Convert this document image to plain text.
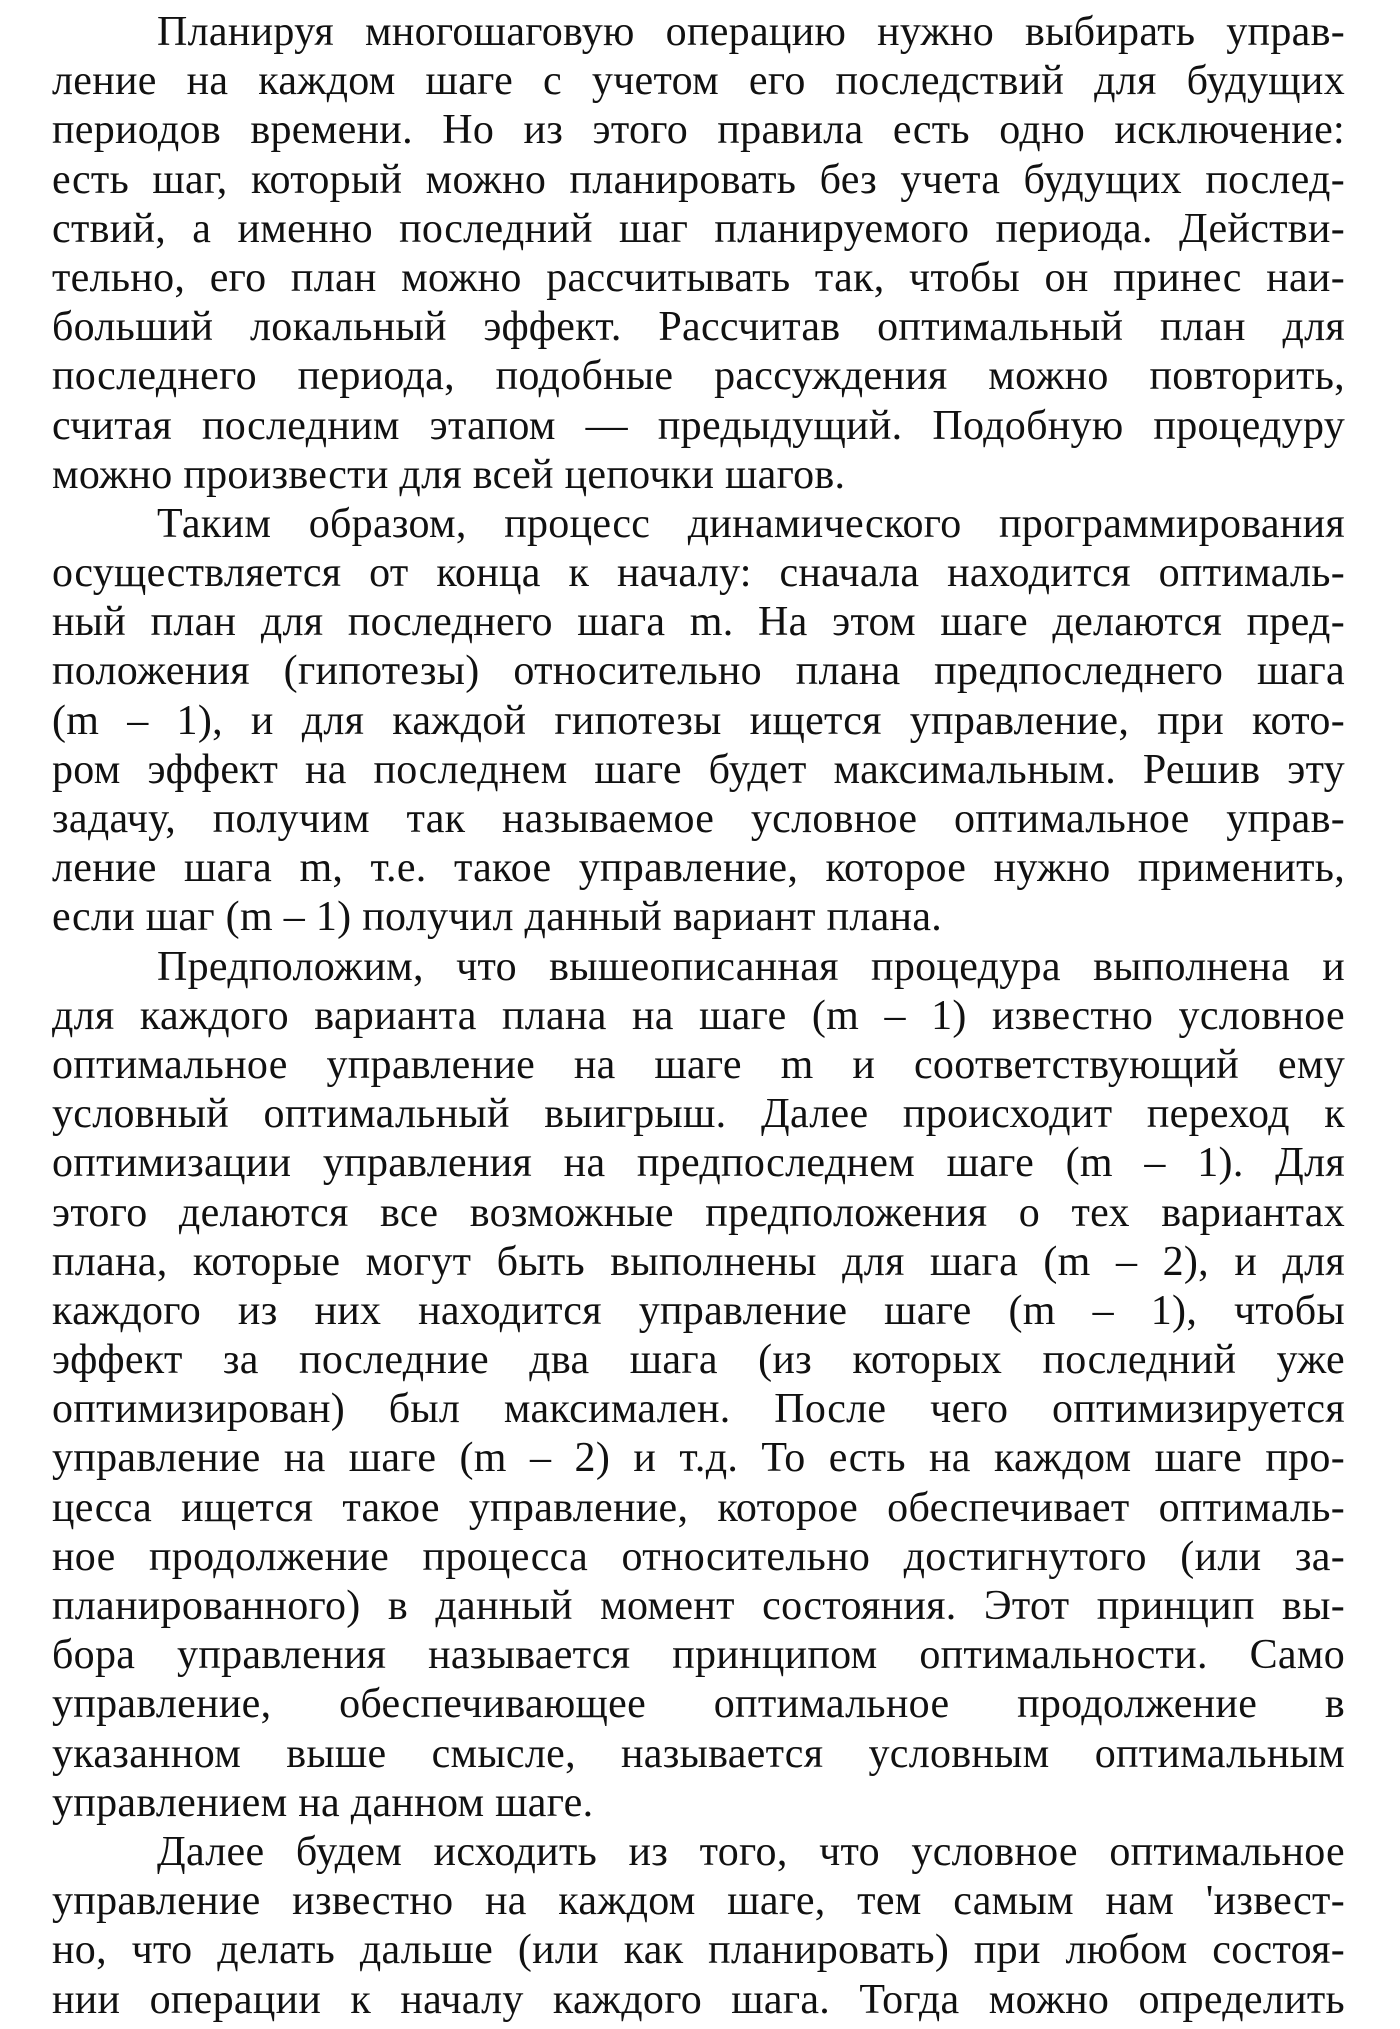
Планируя многошаговую операцию нужно выбирать управ-
ление на каждом шаге с учетом его последствий для будущих
периодов времени. Но из этого правила есть одно исключение:
есть шаг, который можно планировать без учета будущих послед-
ствий, а именно последний шаг планируемого периода. Действи-
тельно, его план можно рассчитывать так, чтобы он принес наи-
больший локальный эффект. Рассчитав оптимальный план для
последнего периода, подобные рассуждения можно повторить,
считая последним этапом — предыдущий. Подобную процедуру
можно произвести для всей цепочки шагов.
Таким образом, процесс динамического программирования
осуществляется от конца к началу: сначала находится оптималь-
ный план для последнего шага m. На этом шаге делаются пред-
положения (гипотезы) относительно плана предпоследнего шага
(m – 1), и для каждой гипотезы ищется управление, при кото-
ром эффект на последнем шаге будет максимальным. Решив эту
задачу, получим так называемое условное оптимальное управ-
ление шага m, т.е. такое управление, которое нужно применить,
если шаг (m – 1) получил данный вариант плана.
Предположим, что вышеописанная процедура выполнена и
для каждого варианта плана на шаге (m – 1) известно условное
оптимальное управление на шаге m и соответствующий ему
условный оптимальный выигрыш. Далее происходит переход к
оптимизации управления на предпоследнем шаге (m – 1). Для
этого делаются все возможные предположения о тех вариантах
плана, которые могут быть выполнены для шага (m – 2), и для
каждого из них находится управление шаге (m – 1), чтобы
эффект за последние два шага (из которых последний уже
оптимизирован) был максимален. После чего оптимизируется
управление на шаге (m – 2) и т.д. То есть на каждом шаге про-
цесса ищется такое управление, которое обеспечивает оптималь-
ное продолжение процесса относительно достигнутого (или за-
планированного) в данный момент состояния. Этот принцип вы-
бора управления называется принципом оптимальности. Само
управление, обеспечивающее оптимальное продолжение в
указанном выше смысле, называется условным оптимальным
управлением на данном шаге.
Далее будем исходить из того, что условное оптимальное
управление известно на каждом шаге, тем самым нам 'извест-
но, что делать дальше (или как планировать) при любом состоя-
нии операции к началу каждого шага. Тогда можно определить
